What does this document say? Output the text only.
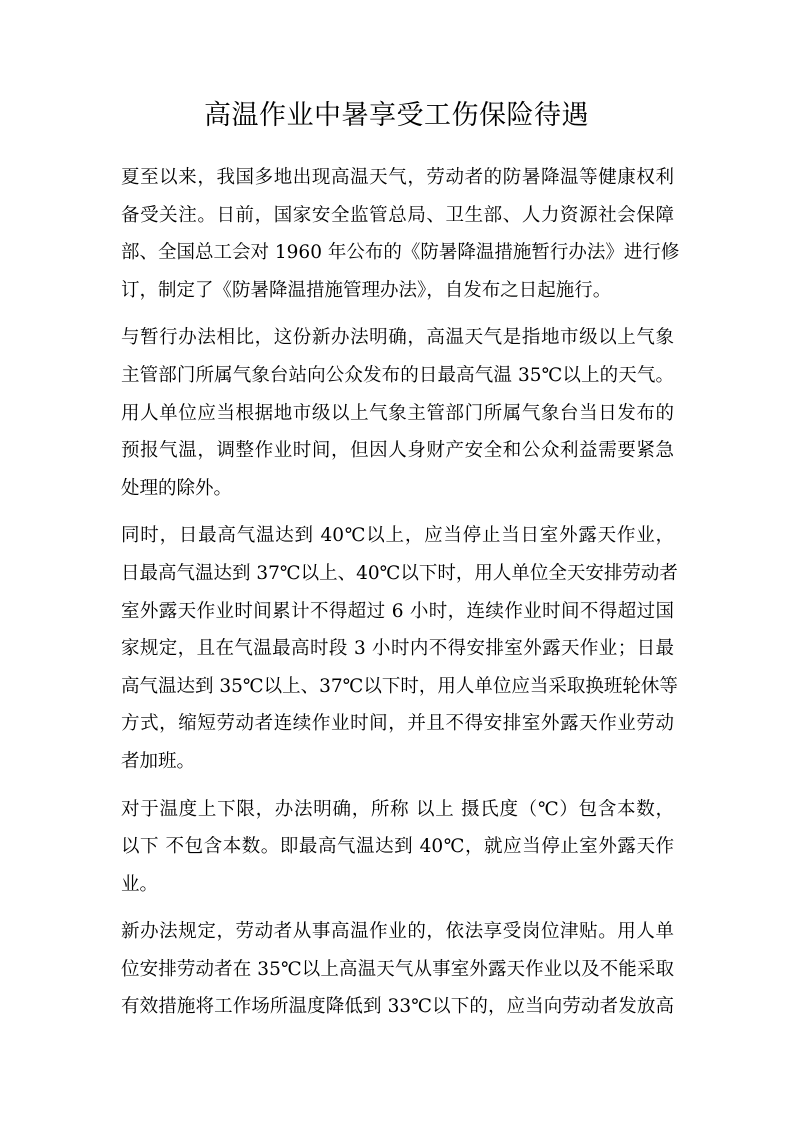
高温作业中暑享受工伤保险待遇
夏至以来，我国多地出现高温天气，劳动者的防暑降温等健康权利
备受关注。日前，国家安全监管总局、卫生部、人力资源社会保障
部、全国总工会对 1960 年公布的《防暑降温措施暂行办法》进行修
订，制定了《防暑降温措施管理办法》，自发布之日起施行。
与暂行办法相比，这份新办法明确，高温天气是指地市级以上气象
主管部门所属气象台站向公众发布的日最高气温 35℃以上的天气。
用人单位应当根据地市级以上气象主管部门所属气象台当日发布的
预报气温，调整作业时间，但因人身财产安全和公众利益需要紧急
处理的除外。
同时，日最高气温达到 40℃以上，应当停止当日室外露天作业，
日最高气温达到 37℃以上、40℃以下时，用人单位全天安排劳动者
室外露天作业时间累计不得超过 6 小时，连续作业时间不得超过国
家规定，且在气温最高时段 3 小时内不得安排室外露天作业；日最
高气温达到 35℃以上、37℃以下时，用人单位应当采取换班轮休等
方式，缩短劳动者连续作业时间，并且不得安排室外露天作业劳动
者加班。
对于温度上下限，办法明确，所称 以上 摄氏度（℃）包含本数，
以下 不包含本数。即最高气温达到 40℃，就应当停止室外露天作
业。
新办法规定，劳动者从事高温作业的，依法享受岗位津贴。用人单
位安排劳动者在 35℃以上高温天气从事室外露天作业以及不能采取
有效措施将工作场所温度降低到 33℃以下的，应当向劳动者发放高
